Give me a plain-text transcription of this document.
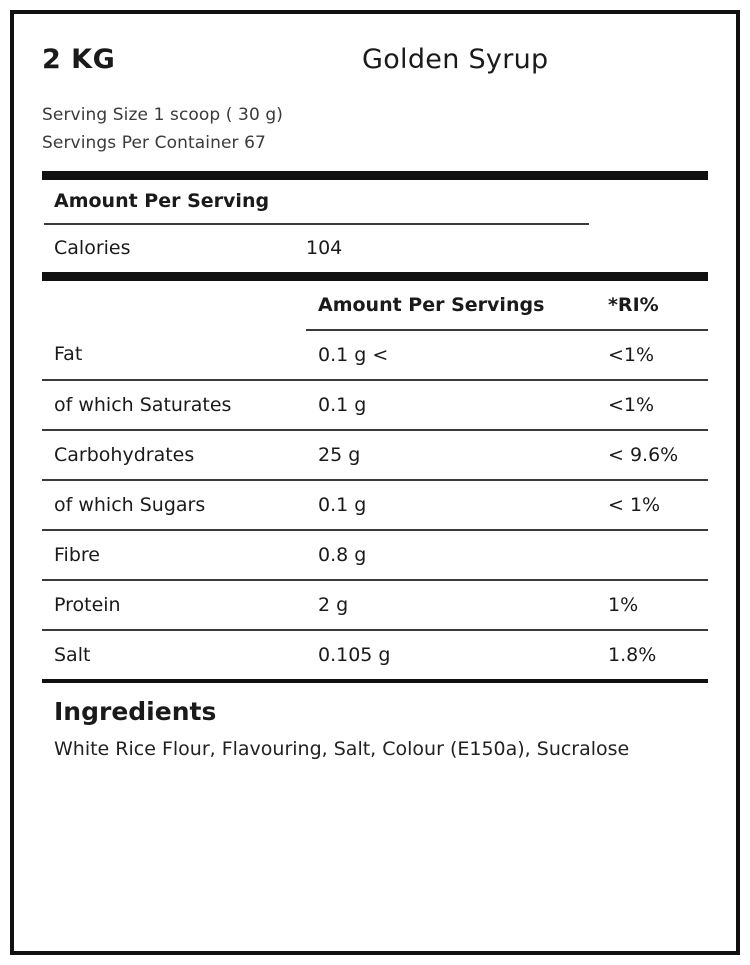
2 KG	Golden Syrup
Serving Size 1 scoop ( 30 g)
Servings Per Container 67
Amount Per Serving
Calories	104
	Amount Per Servings	*RI%
Fat	0.1 g <	<1%
of which Saturates	0.1 g	<1%
Carbohydrates	25 g	< 9.6%
of which Sugars	0.1 g	< 1%
Fibre	0.8 g	
Protein	2 g	1%
Salt	0.105 g	1.8%
Ingredients
White Rice Flour, Flavouring, Salt, Colour (E150a), Sucralose
